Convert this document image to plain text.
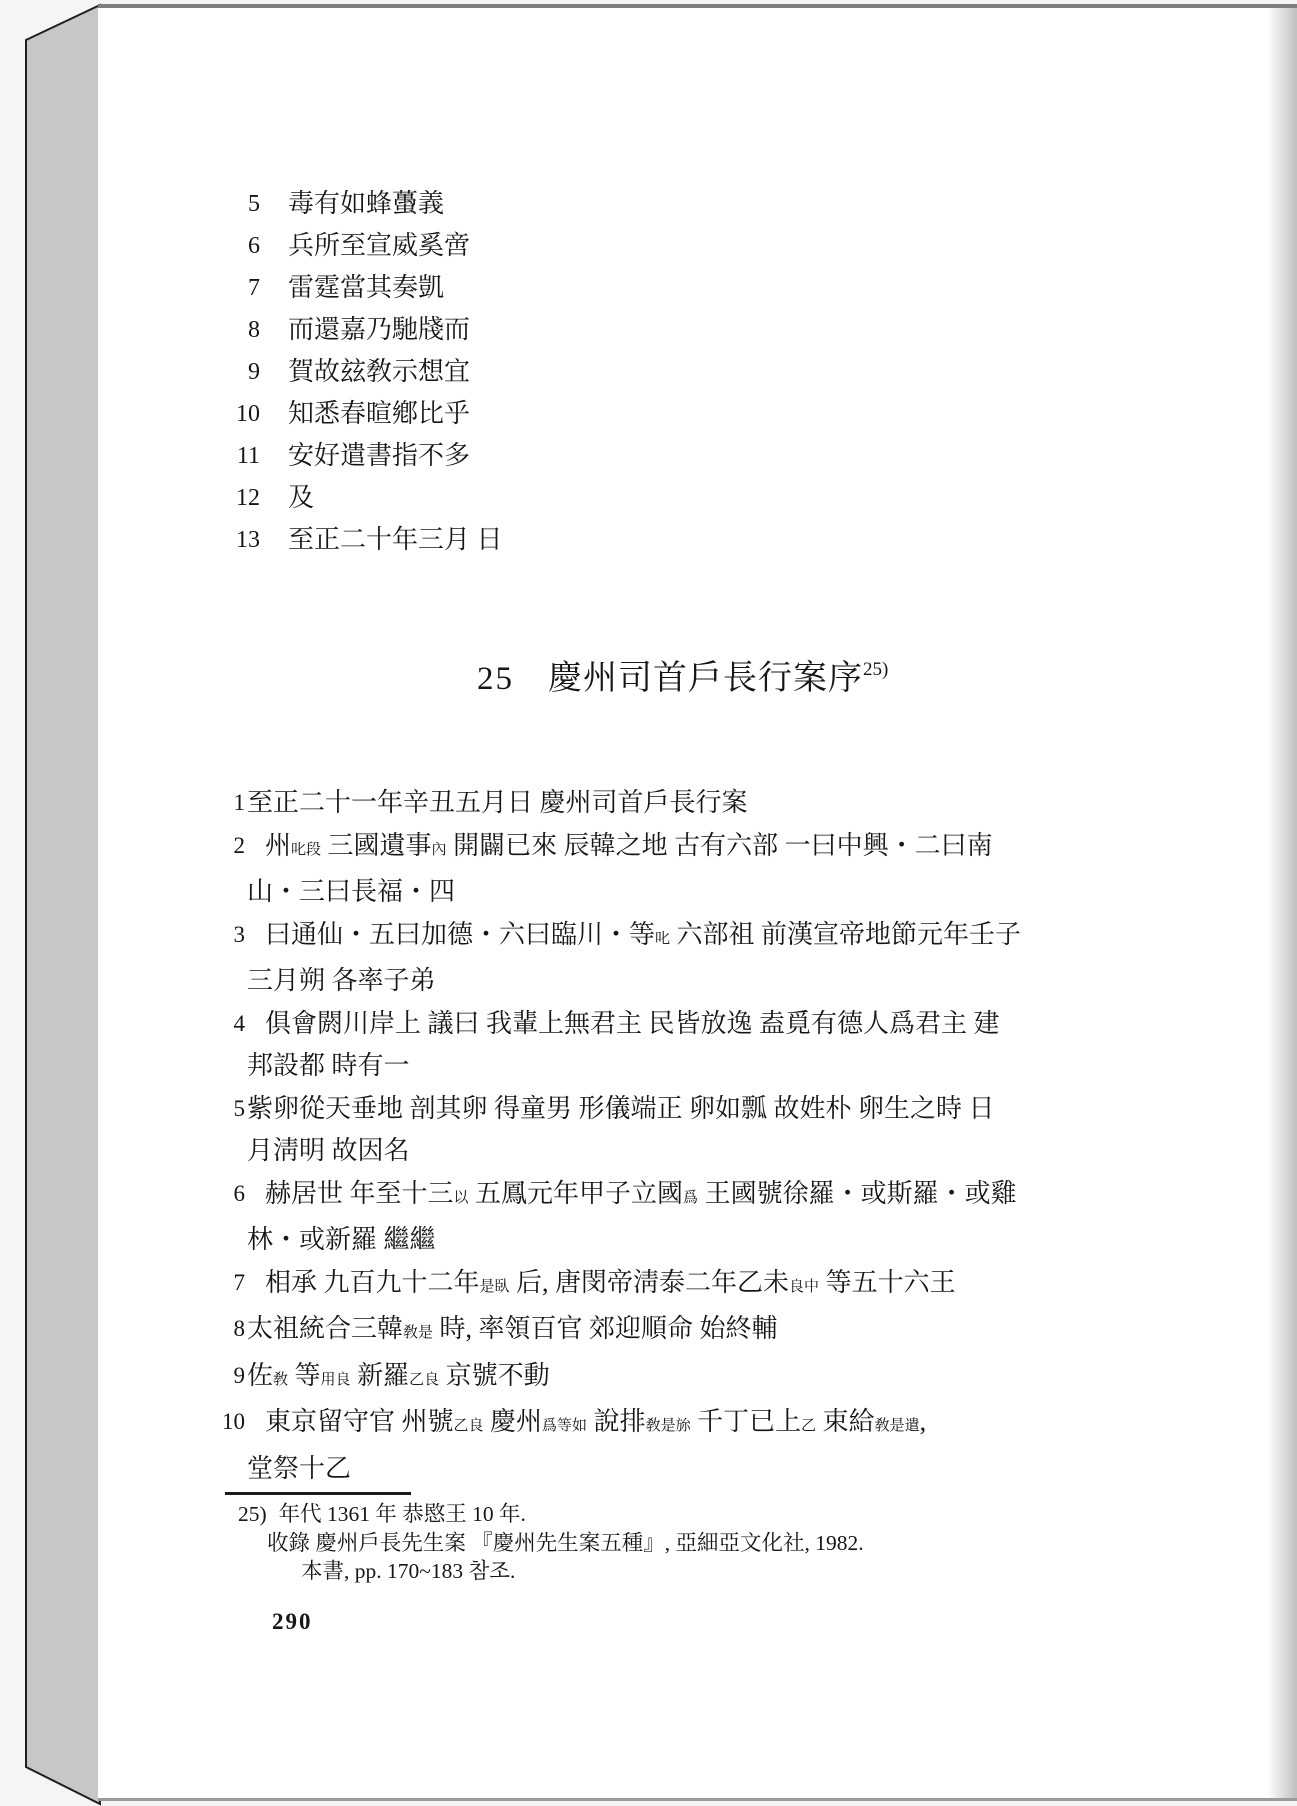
5 毒有如蜂蠆義
6 兵所至宣威奚啻
7 雷霆當其奏凱
8 而還嘉乃馳牋而
9 賀故玆敎示想宜
10 知悉春暄鄕比乎
11 安好遣書指不多
12 及
13 至正二十年三月 日
25 慶州司首戶長行案序$^{25)}$
1 至正二十一年辛丑五月日 慶州司首戶長行案
2 州叱段 三國遺事內 開闢已來 辰韓之地 古有六部 一曰中興・二曰南
山・三曰長福・四
3 曰通仙・五曰加德・六曰臨川・等叱 六部祖 前漢宣帝地節元年壬子
三月朔 各率子弟
4 俱會閼川岸上 議曰 我輩上無君主 民皆放逸 盍覓有德人爲君主 建
邦設都 時有一
5 紫卵從天垂地 剖其卵 得童男 形儀端正 卵如瓢 故姓朴 卵生之時 日
月淸明 故因名
6 赫居世 年至十三以 五鳳元年甲子立國爲 王國號徐羅・或斯羅・或雞
林・或新羅 繼繼
7 相承 九百九十二年是臥 后, 唐閔帝淸泰二年乙未良中 等五十六王
8 太祖統合三韓敎是 時, 率領百官 郊迎順命 始終輔
9 佐敎 等用良 新羅乙良 京號不動
10 東京留守官 州號乙良 慶州爲等如 說排敎是旀 千丁已上乙 束給敎是遣,
堂祭十乙
25) 年代 1361 年 恭愍王 10 年.
收錄 慶州戶長先生案 『慶州先生案五種』, 亞細亞文化社, 1982.
本書, pp. 170~183 참조.
290
